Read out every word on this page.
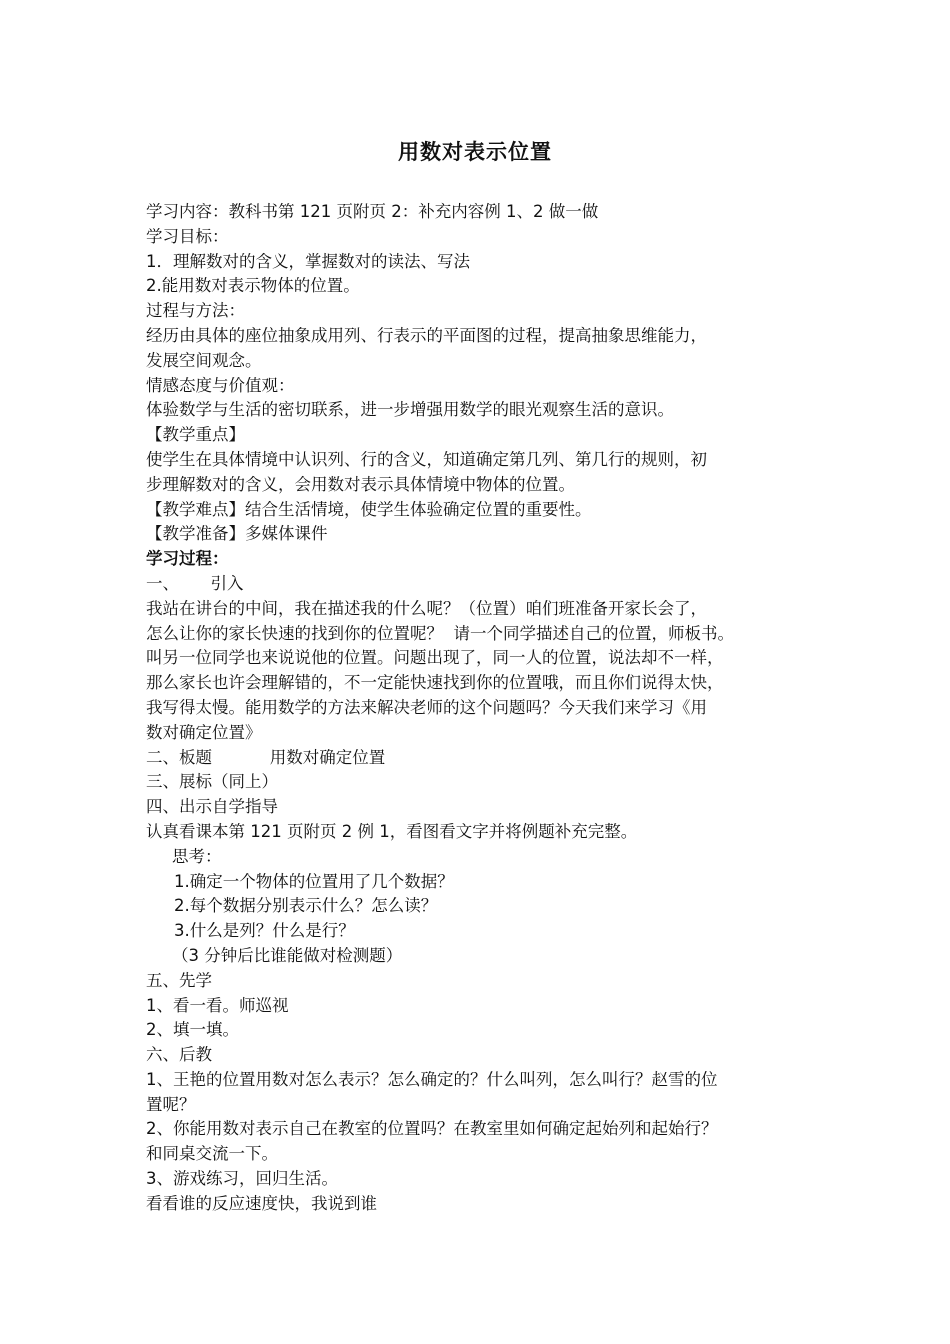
用数对表示位置
学习内容：教科书第 121 页附页 2：补充内容例 1、2 做一做
学习目标：
1．理解数对的含义，掌握数对的读法、写法
2.能用数对表示物体的位置。
过程与方法：
经历由具体的座位抽象成用列、行表示的平面图的过程，提高抽象思维能力，
发展空间观念。
情感态度与价值观：
体验数学与生活的密切联系，进一步增强用数学的眼光观察生活的意识。
【教学重点】
使学生在具体情境中认识列、行的含义，知道确定第几列、第几行的规则，初
步理解数对的含义，会用数对表示具体情境中物体的位置。
【教学难点】结合生活情境，使学生体验确定位置的重要性。
【教学准备】多媒体课件
学习过程：
一、      引入
我站在讲台的中间，我在描述我的什么呢？（位置）咱们班准备开家长会了，
怎么让你的家长快速的找到你的位置呢？  请一个同学描述自己的位置，师板书。
叫另一位同学也来说说他的位置。问题出现了，同一人的位置，说法却不一样，
那么家长也许会理解错的，不一定能快速找到你的位置哦，而且你们说得太快，
我写得太慢。能用数学的方法来解决老师的这个问题吗？今天我们来学习《用
数对确定位置》
二、板题           用数对确定位置
三、展标（同上）
四、出示自学指导
认真看课本第 121 页附页 2 例 1，看图看文字并将例题补充完整。
思考：
1.确定一个物体的位置用了几个数据？
2.每个数据分别表示什么？怎么读？
3.什么是列？什么是行？
（3 分钟后比谁能做对检测题）
五、先学
1、看一看。师巡视
2、填一填。
六、后教
1、王艳的位置用数对怎么表示？怎么确定的？什么叫列，怎么叫行？赵雪的位
置呢？
2、你能用数对表示自己在教室的位置吗？在教室里如何确定起始列和起始行？
和同桌交流一下。
3、游戏练习，回归生活。
看看谁的反应速度快，我说到谁
